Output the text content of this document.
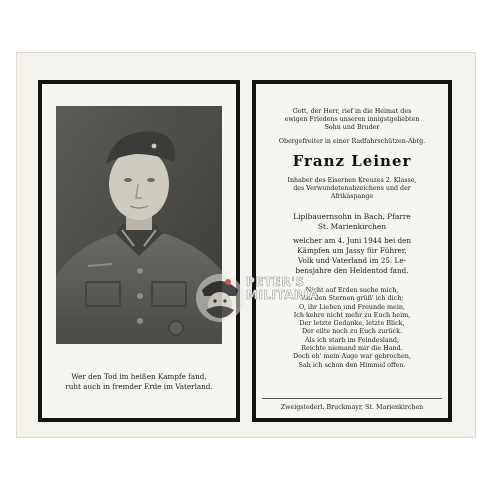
Wer den Tod im heißen Kampfe fand,
ruht auch in fremder Erde im Vaterland.
Gott, der Herr, rief in die Heimat des
ewigen Friedens unseren innigstgeliebten
Sohn und Bruder
Obergefreiter in einer Radfahrschützen-Abtg.
Franz Leiner
Inhaber des Eisernen Kreuzes 2. Klasse,
des Verwundetenabzeichens und der
Afrikaspange
Liplbauernsohn in Bach, Pfarre
St. Marienkirchen
welcher am 4. Juni 1944 bei den
Kämpfen um Jassy für Führer,
Volk und Vaterland im 25. Le-
bensjahre den Heldentod fand.
Nicht auf Erden suche mich,
Von den Sternen grüß' ich dich;
O, ihr Lieben und Freunde mein,
Ich kehre nicht mehr zu Euch heim,
Der letzte Gedanke, letzte Blick,
Der eilte noch zu Euch zurück.
Als ich starb im Feindesland,
Reichte niemand mir die Hand.
Doch eh' mein Auge war gebrochen,
Sah ich schon den Himmel offen.
Zweigstederl. Bruckmayr, St. Marienkirchen
PETER'S
MILITARIA
